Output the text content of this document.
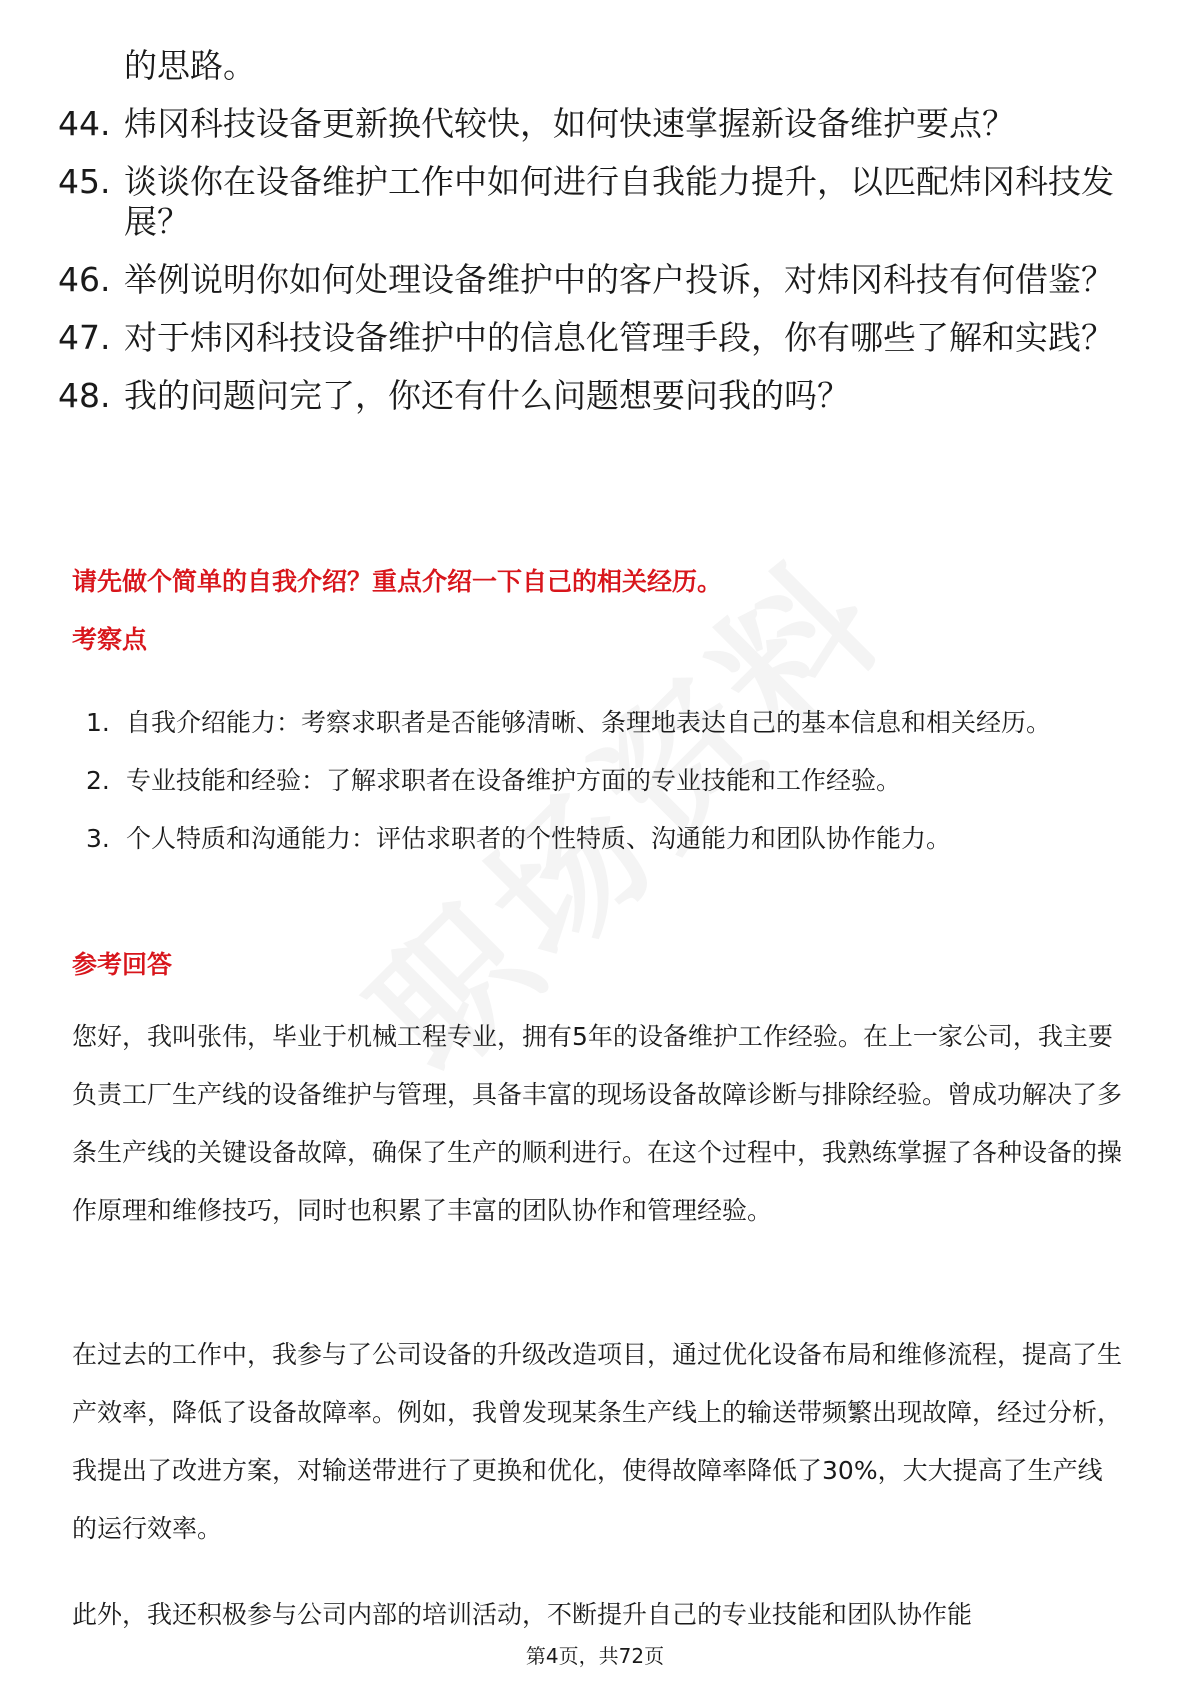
的思路。
44. 炜冈科技设备更新换代较快，如何快速掌握新设备维护要点？
45. 谈谈你在设备维护工作中如何进行自我能力提升，以匹配炜冈科技发展？
46. 举例说明你如何处理设备维护中的客户投诉，对炜冈科技有何借鉴？
47. 对于炜冈科技设备维护中的信息化管理手段，你有哪些了解和实践？
48. 我的问题问完了，你还有什么问题想要问我的吗？
请先做个简单的自我介绍？重点介绍一下自己的相关经历。
考察点
1. 自我介绍能力：考察求职者是否能够清晰、条理地表达自己的基本信息和相关经历。
2. 专业技能和经验：了解求职者在设备维护方面的专业技能和工作经验。
3. 个人特质和沟通能力：评估求职者的个性特质、沟通能力和团队协作能力。
参考回答
您好，我叫张伟，毕业于机械工程专业，拥有5年的设备维护工作经验。在上一家公司，我主要负责工厂生产线的设备维护与管理，具备丰富的现场设备故障诊断与排除经验。曾成功解决了多条生产线的关键设备故障，确保了生产的顺利进行。在这个过程中，我熟练掌握了各种设备的操作原理和维修技巧，同时也积累了丰富的团队协作和管理经验。
在过去的工作中，我参与了公司设备的升级改造项目，通过优化设备布局和维修流程，提高了生产效率，降低了设备故障率。例如，我曾发现某条生产线上的输送带频繁出现故障，经过分析，我提出了改进方案，对输送带进行了更换和优化，使得故障率降低了30%，大大提高了生产线的运行效率。
此外，我还积极参与公司内部的培训活动，不断提升自己的专业技能和团队协作能
第4页，共72页
